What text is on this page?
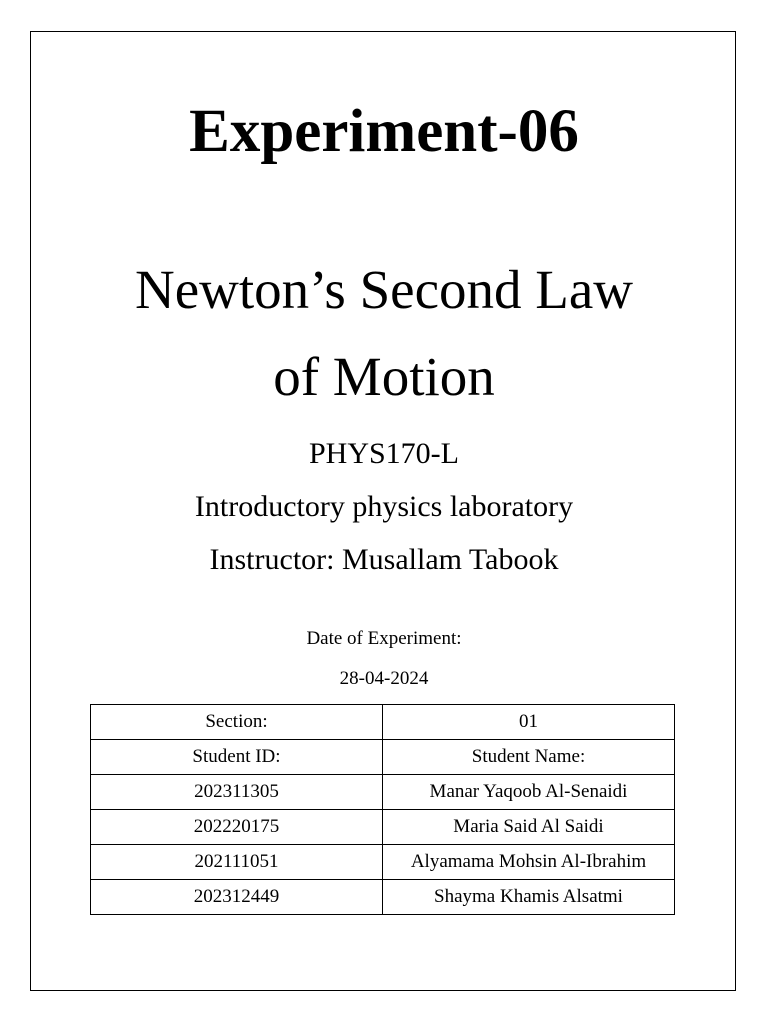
Experiment-06
Newton’s Second Law
of Motion
PHYS170-L
Introductory physics laboratory
Instructor: Musallam Tabook
Date of Experiment:
28-04-2024
Section:	01
Student ID:	Student Name:
202311305	Manar Yaqoob Al-Senaidi
202220175	Maria Said Al Saidi
202111051	Alyamama Mohsin Al-Ibrahim
202312449	Shayma Khamis Alsatmi
